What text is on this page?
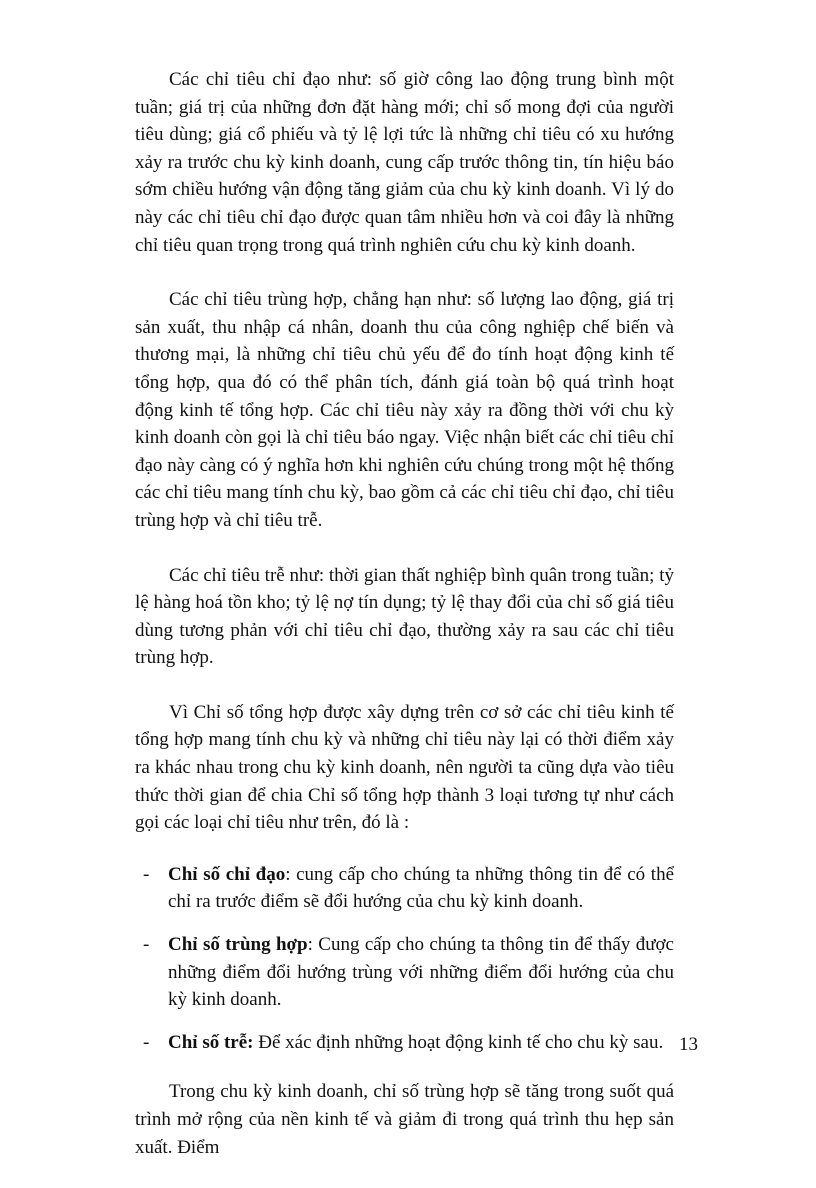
Các chỉ tiêu chỉ đạo như: số giờ công lao động trung bình một tuần; giá trị của những đơn đặt hàng mới; chỉ số mong đợi của người tiêu dùng; giá cổ phiếu và tỷ lệ lợi tức là những chỉ tiêu có xu hướng xảy ra trước chu kỳ kinh doanh, cung cấp trước thông tin, tín hiệu báo sớm chiều hướng vận động tăng giảm của chu kỳ kinh doanh. Vì lý do này các chỉ tiêu chỉ đạo được quan tâm nhiều hơn và coi đây là những chỉ tiêu quan trọng trong quá trình nghiên cứu chu kỳ kinh doanh.

Các chỉ tiêu trùng hợp, chẳng hạn như: số lượng lao động, giá trị sản xuất, thu nhập cá nhân, doanh thu của công nghiệp chế biến và thương mại, là những chỉ tiêu chủ yếu để đo tính hoạt động kinh tế tổng hợp, qua đó có thể phân tích, đánh giá toàn bộ quá trình hoạt động kinh tế tổng hợp. Các chỉ tiêu này xảy ra đồng thời với chu kỳ kinh doanh còn gọi là chỉ tiêu báo ngay. Việc nhận biết các chỉ tiêu chỉ đạo này càng có ý nghĩa hơn khi nghiên cứu chúng trong một hệ thống các chỉ tiêu mang tính chu kỳ, bao gồm cả các chỉ tiêu chỉ đạo, chỉ tiêu trùng hợp và chỉ tiêu trễ.

Các chỉ tiêu trễ như: thời gian thất nghiệp bình quân trong tuần; tỷ lệ hàng hoá tồn kho; tỷ lệ nợ tín dụng; tỷ lệ thay đổi của chỉ số giá tiêu dùng tương phản với chỉ tiêu chỉ đạo, thường xảy ra sau các chỉ tiêu trùng hợp.

Vì Chỉ số tổng hợp được xây dựng trên cơ sở các chỉ tiêu kinh tế tổng hợp mang tính chu kỳ và những chỉ tiêu này lại có thời điểm xảy ra khác nhau trong chu kỳ kinh doanh, nên người ta cũng dựa vào tiêu thức thời gian để chia Chỉ số tổng hợp thành 3 loại tương tự như cách gọi các loại chỉ tiêu như trên, đó là :

- Chỉ số chỉ đạo: cung cấp cho chúng ta những thông tin để có thể chỉ ra trước điểm sẽ đổi hướng của chu kỳ kinh doanh.
- Chỉ số trùng hợp: Cung cấp cho chúng ta thông tin để thấy được những điểm đổi hướng trùng với những điểm đổi hướng của chu kỳ kinh doanh.
- Chỉ số trễ: Để xác định những hoạt động kinh tế cho chu kỳ sau.

Trong chu kỳ kinh doanh, chỉ số trùng hợp sẽ tăng trong suốt quá trình mở rộng của nền kinh tế và giảm đi trong quá trình thu hẹp sản xuất. Điểm

13
